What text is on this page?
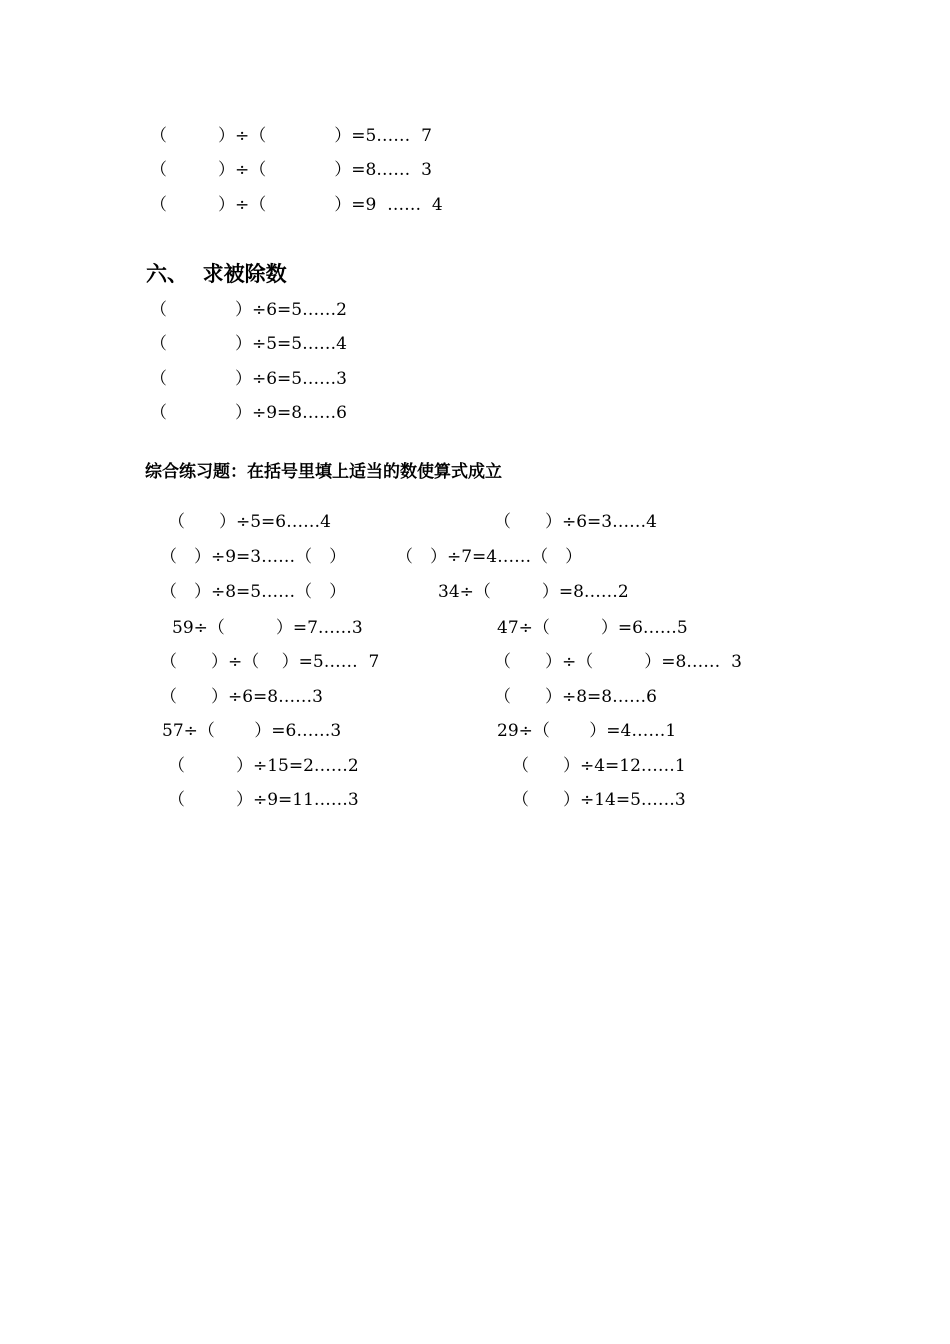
（　　　）÷（　　　　）=5……  7
（　　　）÷（　　　　）=8……  3
（　　　）÷（　　　　）=9  ……  4
六、 求被除数
（　　　　）÷6=5……2
（　　　　）÷5=5……4
（　　　　）÷6=5……3
（　　　　）÷9=8……6
综合练习题：在括号里填上适当的数使算式成立
（　　）÷5=6……4
（　）÷9=3……（　）
（　）÷8=5……（　）
59÷（　　　）=7……3
（　　）÷（　 ）=5……  7
（　　）÷6=8……3
57÷（　　 ）=6……3
（　　　）÷15=2……2
（　　　）÷9=11……3
（　　）÷6=3……4
（　）÷7=4……（　）
34÷（　　　）=8……2
47÷（　　　）=6……5
（　　）÷（　　　）=8……  3
（　　）÷8=8……6
29÷（　　 ）=4……1
（　　）÷4=12……1
（　　）÷14=5……3
